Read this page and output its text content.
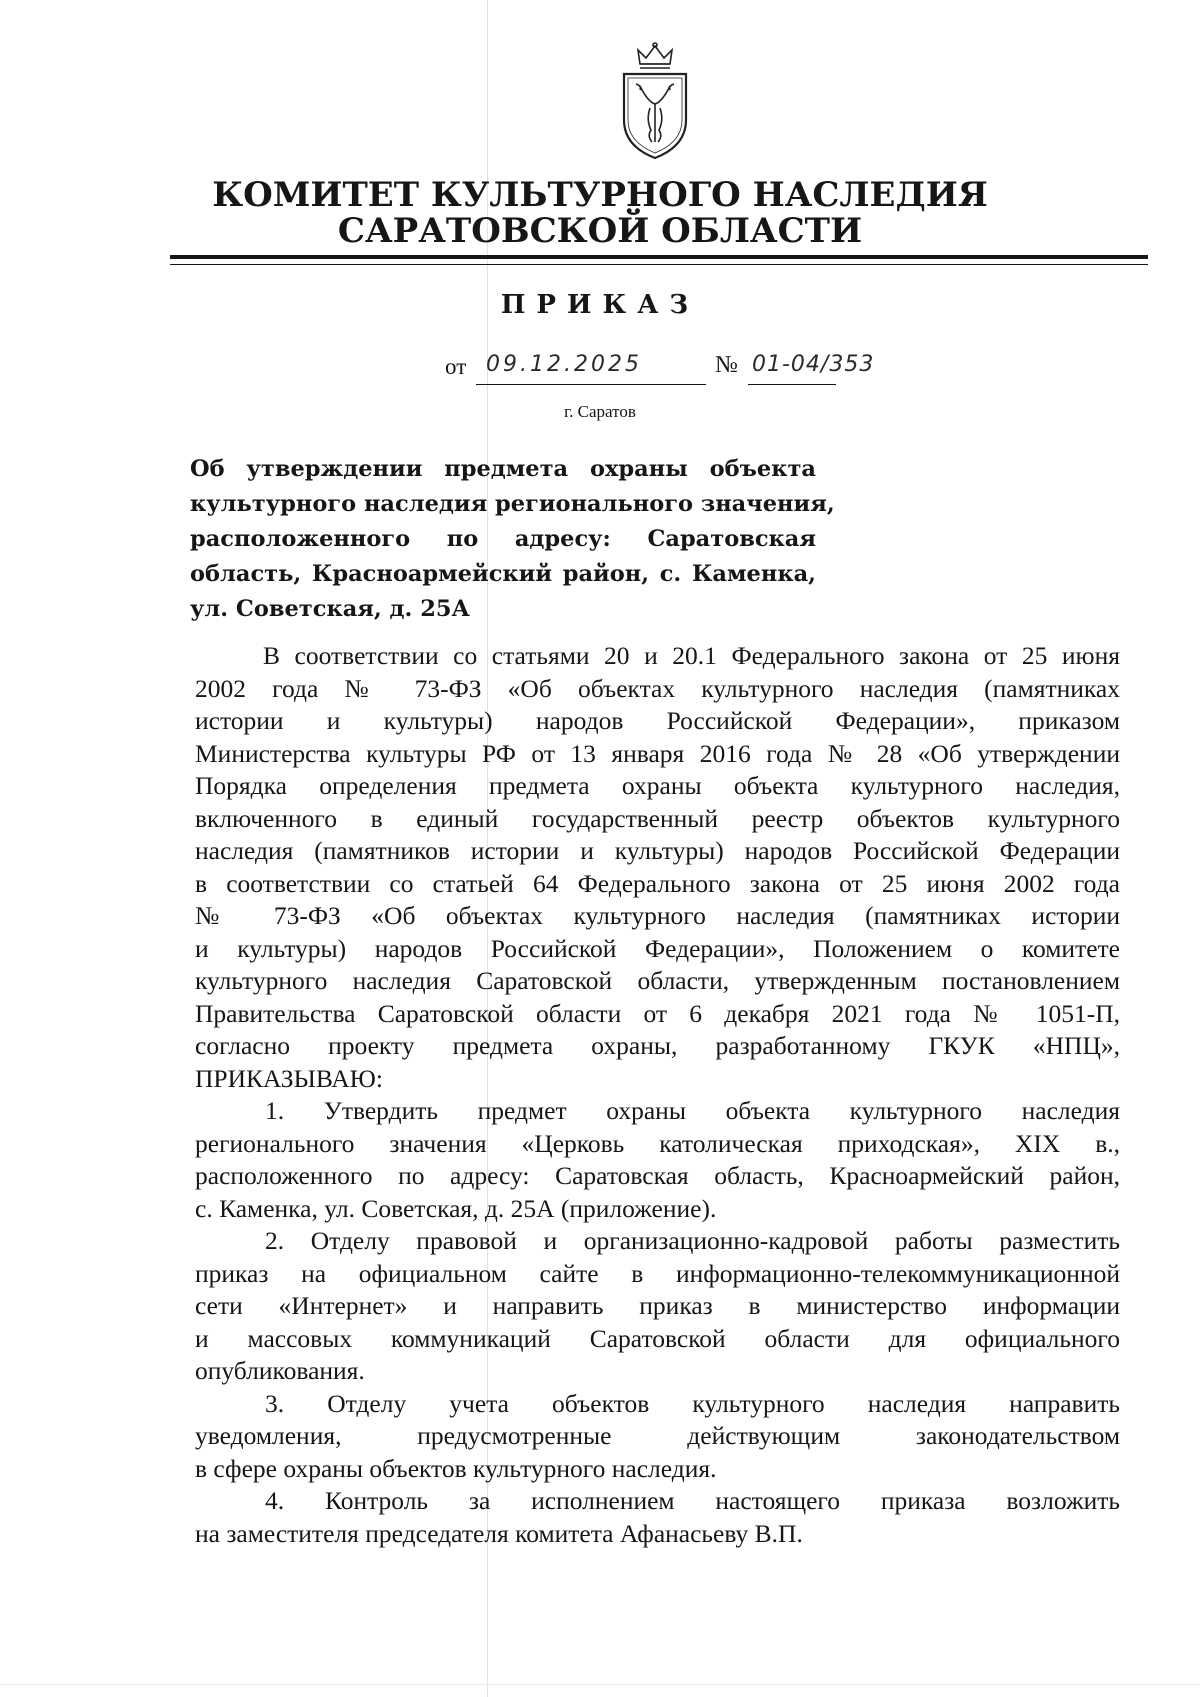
КОМИТЕТ КУЛЬТУРНОГО НАСЛЕДИЯ
САРАТОВСКОЙ ОБЛАСТИ
ПРИКАЗ
от 09.12.2025	№ 01-04/353
г. Саратов
Об утверждении предмета охраны объекта
культурного наследия регионального значения,
расположенного по адресу: Саратовская
область, Красноармейский район, с. Каменка,
ул. Советская, д. 25А
В соответствии со статьями 20 и 20.1 Федерального закона от 25 июня
2002 года № 73-ФЗ «Об объектах культурного наследия (памятниках
истории и культуры) народов Российской Федерации», приказом
Министерства культуры РФ от 13 января 2016 года № 28 «Об утверждении
Порядка определения предмета охраны объекта культурного наследия,
включенного в единый государственный реестр объектов культурного
наследия (памятников истории и культуры) народов Российской Федерации
в соответствии со статьей 64 Федерального закона от 25 июня 2002 года
№ 73-ФЗ «Об объектах культурного наследия (памятниках истории
и культуры) народов Российской Федерации», Положением о комитете
культурного наследия Саратовской области, утвержденным постановлением
Правительства Саратовской области от 6 декабря 2021 года № 1051-П,
согласно проекту предмета охраны, разработанному ГКУК «НПЦ»,
ПРИКАЗЫВАЮ:
1. Утвердить предмет охраны объекта культурного наследия
регионального значения «Церковь католическая приходская», XIX в.,
расположенного по адресу: Саратовская область, Красноармейский район,
с. Каменка, ул. Советская, д. 25А (приложение).
2. Отделу правовой и организационно-кадровой работы разместить
приказ на официальном сайте в информационно-телекоммуникационной
сети «Интернет» и направить приказ в министерство информации
и массовых коммуникаций Саратовской области для официального
опубликования.
3. Отделу учета объектов культурного наследия направить
уведомления, предусмотренные действующим законодательством
в сфере охраны объектов культурного наследия.
4. Контроль за исполнением настоящего приказа возложить
на заместителя председателя комитета Афанасьеву В.П.
